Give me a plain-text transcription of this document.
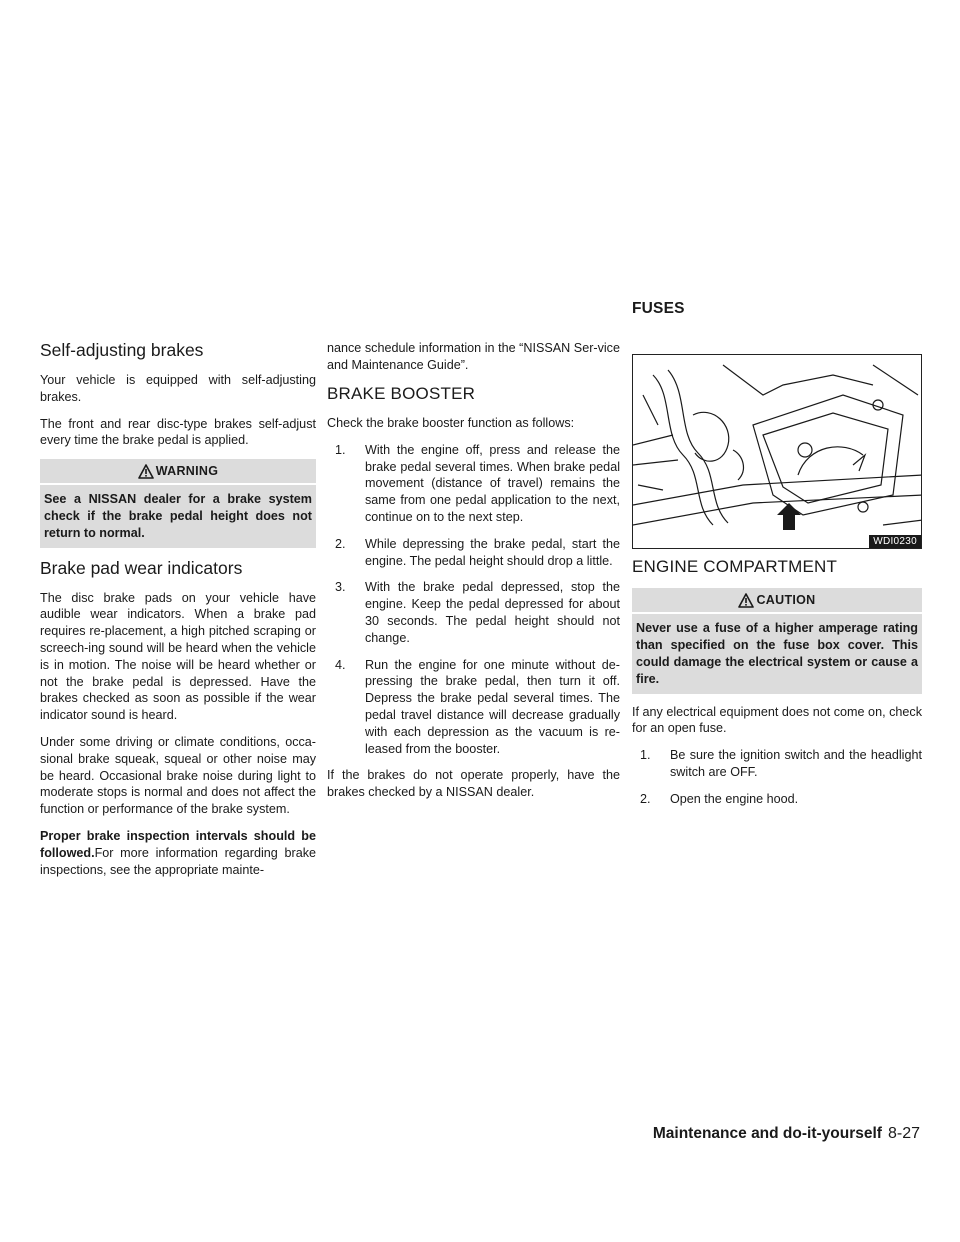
FUSES
Self-adjusting brakes

Your vehicle is equipped with self-adjusting brakes.

The front and rear disc-type brakes self-adjust every time the brake pedal is applied.

WARNING
See a NISSAN dealer for a brake system check if the brake pedal height does not return to normal.
Brake pad wear indicators

The disc brake pads on your vehicle have audible wear indicators. When a brake pad requires re-placement, a high pitched scraping or screech-ing sound will be heard when the vehicle is in motion. The noise will be heard whether or not the brake pedal is depressed. Have the brakes checked as soon as possible if the wear indicator sound is heard.

Under some driving or climate conditions, occa-sional brake squeak, squeal or other noise may be heard. Occasional brake noise during light to moderate stops is normal and does not affect the function or performance of the brake system.

Proper brake inspection intervals should be followed.For more information regarding brake inspections, see the appropriate mainte-

nance schedule information in the “NISSAN Ser-vice and Maintenance Guide”.

BRAKE BOOSTER

Check the brake booster function as follows:

1. With the engine off, press and release the brake pedal several times. When brake pedal movement (distance of travel) remains the same from one pedal application to the next, continue on to the next step.
2. While depressing the brake pedal, start the engine. The pedal height should drop a little.
3. With the brake pedal depressed, stop the engine. Keep the pedal depressed for about 30 seconds. The pedal height should not change.
4. Run the engine for one minute without de-pressing the brake pedal, then turn it off. Depress the brake pedal several times. The pedal travel distance will decrease gradually with each depression as the vacuum is re-leased from the booster.

If the brakes do not operate properly, have the brakes checked by a NISSAN dealer.

WDI0230
ENGINE COMPARTMENT
CAUTION
Never use a fuse of a higher amperage rating than specified on the fuse box cover. This could damage the electrical system or cause a fire.

If any electrical equipment does not come on, check for an open fuse.

1. Be sure the ignition switch and the headlight switch are OFF.
2. Open the engine hood.
Maintenance and do-it-yourself 8-27
